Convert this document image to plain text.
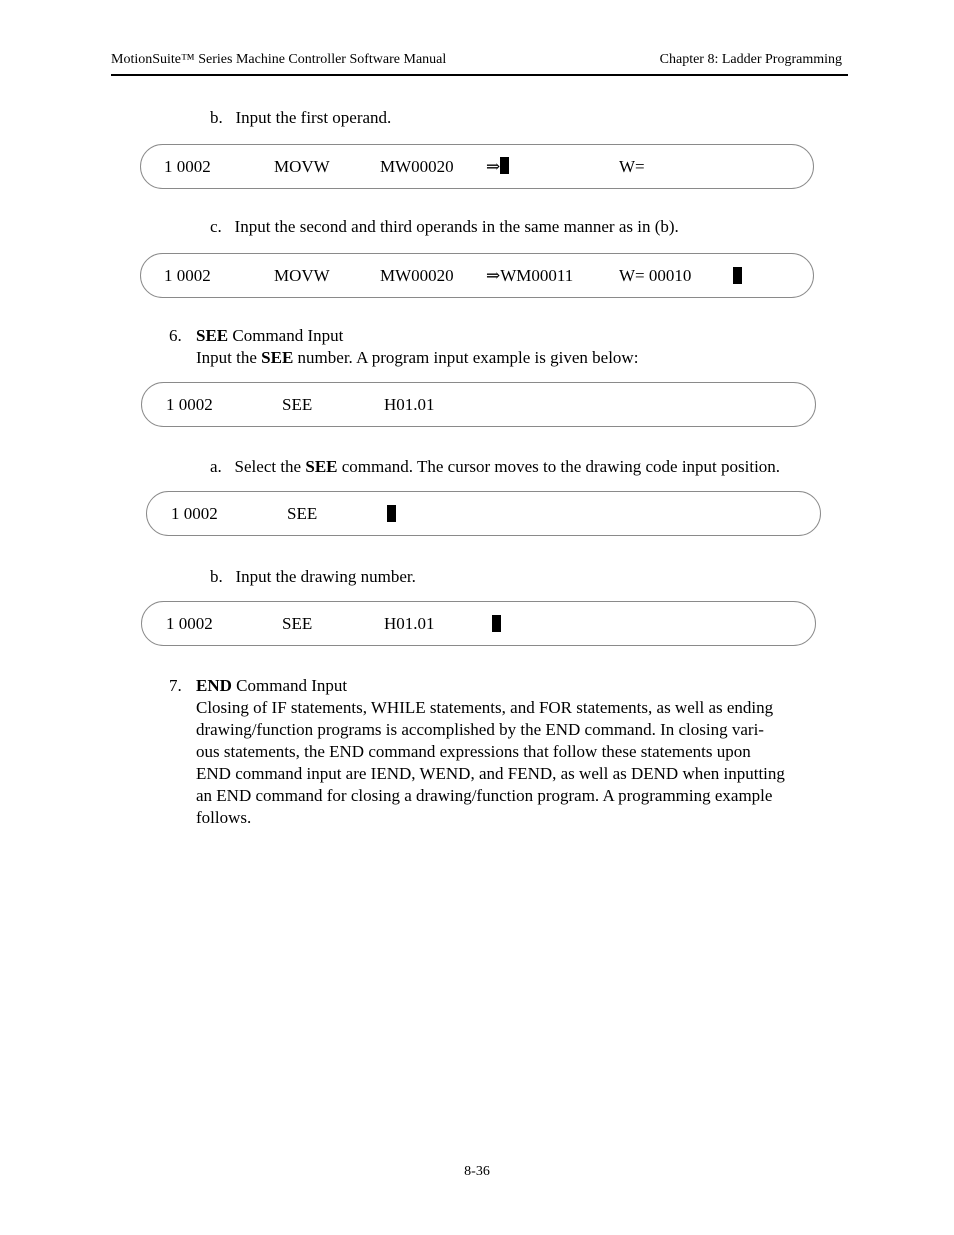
MotionSuite™ Series Machine Controller Software Manual	Chapter 8: Ladder Programming
b. Input the first operand.
1 0002	MOVW	MW00020 ⇒	W=
c. Input the second and third operands in the same manner as in (b).
1 0002	MOVW	MW00020 ⇒WM00011	W= 00010
6. SEE Command Input
Input the SEE number. A program input example is given below:
1 0002	SEE	H01.01
a. Select the SEE command. The cursor moves to the drawing code input position.
1 0002	SEE
b. Input the drawing number.
1 0002	SEE	H01.01
7. END Command Input
Closing of IF statements, WHILE statements, and FOR statements, as well as ending
drawing/function programs is accomplished by the END command. In closing vari-
ous statements, the END command expressions that follow these statements upon
END command input are IEND, WEND, and FEND, as well as DEND when inputting
an END command for closing a drawing/function program. A programming example
follows.
8-36
